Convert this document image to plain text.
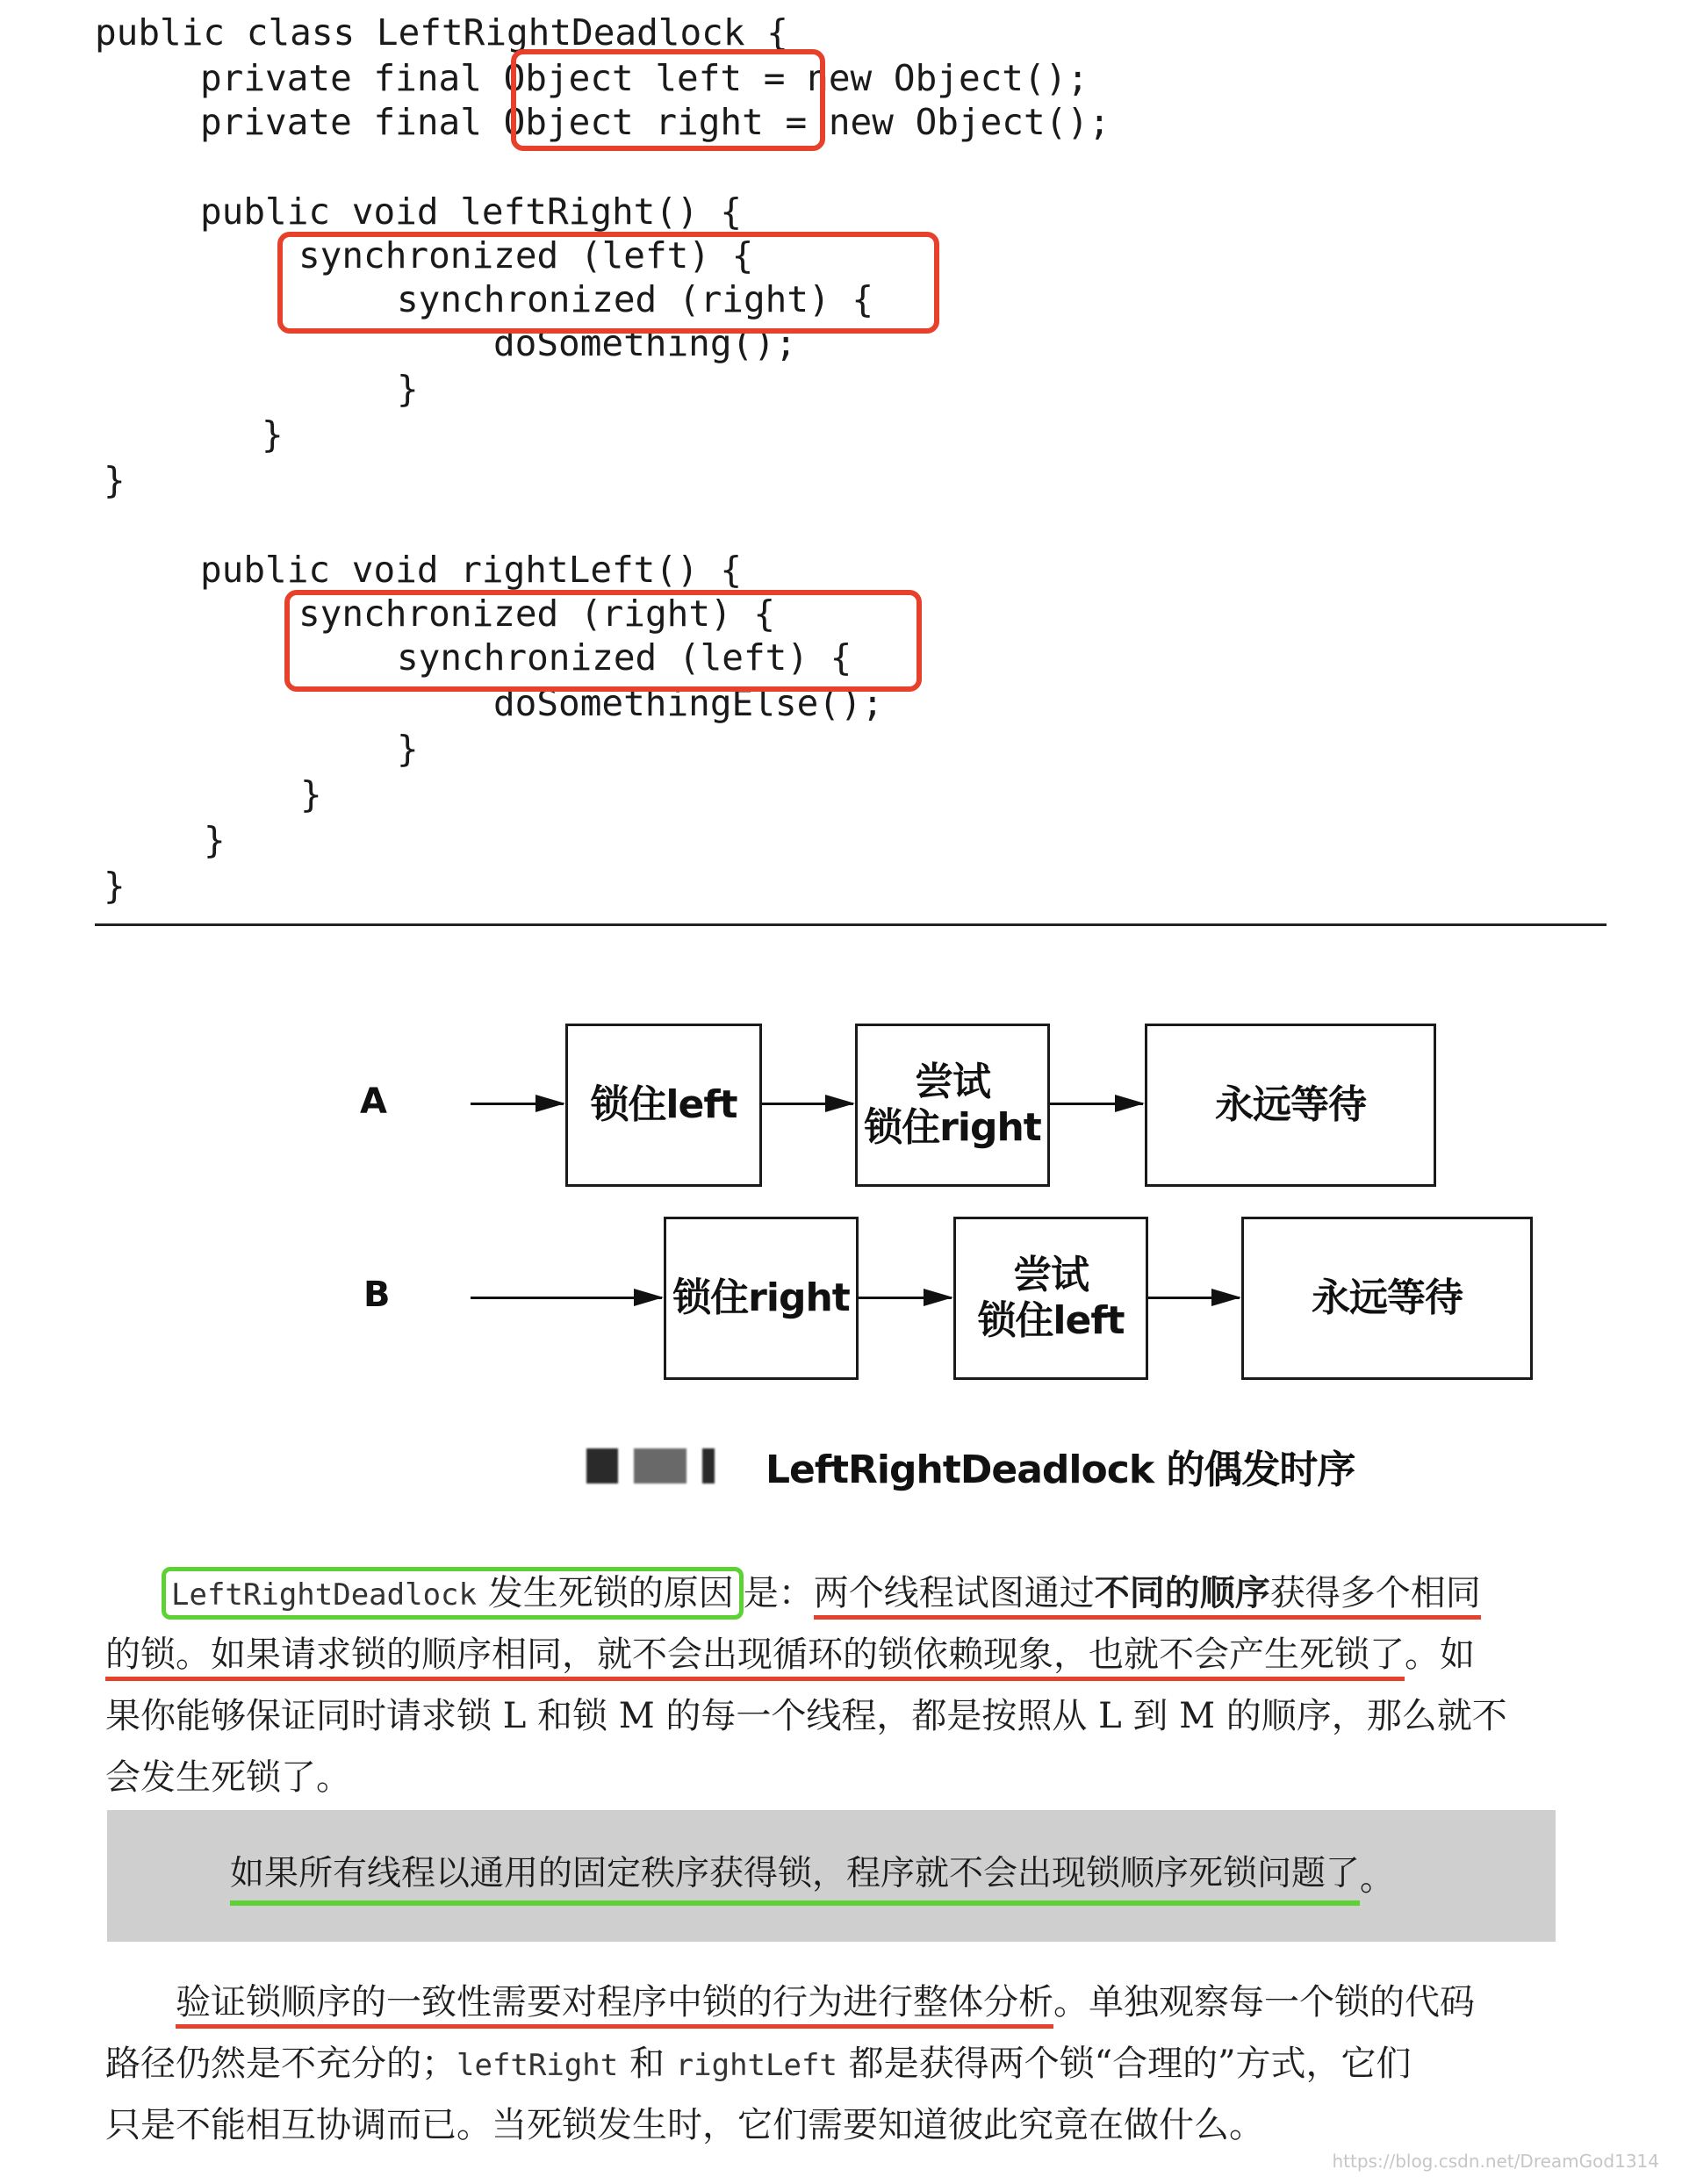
public class LeftRightDeadlock {

private final Object left = new Object();

private final Object right = new Object();

public void leftRight() {

synchronized (left) {

synchronized (right) {

doSomething();

}

}

}

public void rightLeft() {

synchronized (right) {

synchronized (left) {

doSomethingElse();

}

}

}

}

A	锁住left
尝试
锁住right
永远等待
B	锁住right
尝试
锁住left
永远等待
LeftRightDeadlock 的偶发时序
LeftRightDeadlock 发生死锁的原因 是：两个线程试图通过不同的顺序获得多个相同
的锁。如果请求锁的顺序相同，就不会出现循环的锁依赖现象，也就不会产生死锁了。如
果你能够保证同时请求锁 L 和锁 M 的每一个线程，都是按照从 L 到 M 的顺序，那么就不
会发生死锁了。
如果所有线程以通用的固定秩序获得锁，程序就不会出现锁顺序死锁问题了 。
验证锁顺序的一致性需要对程序中锁的行为进行整体分析。单独观察每一个锁的代码
路径仍然是不充分的；leftRight 和 rightLeft 都是获得两个锁“合理的”方式，它们
只是不能相互协调而已。当死锁发生时，它们需要知道彼此究竟在做什么。
https://blog.csdn.net/DreamGod1314
